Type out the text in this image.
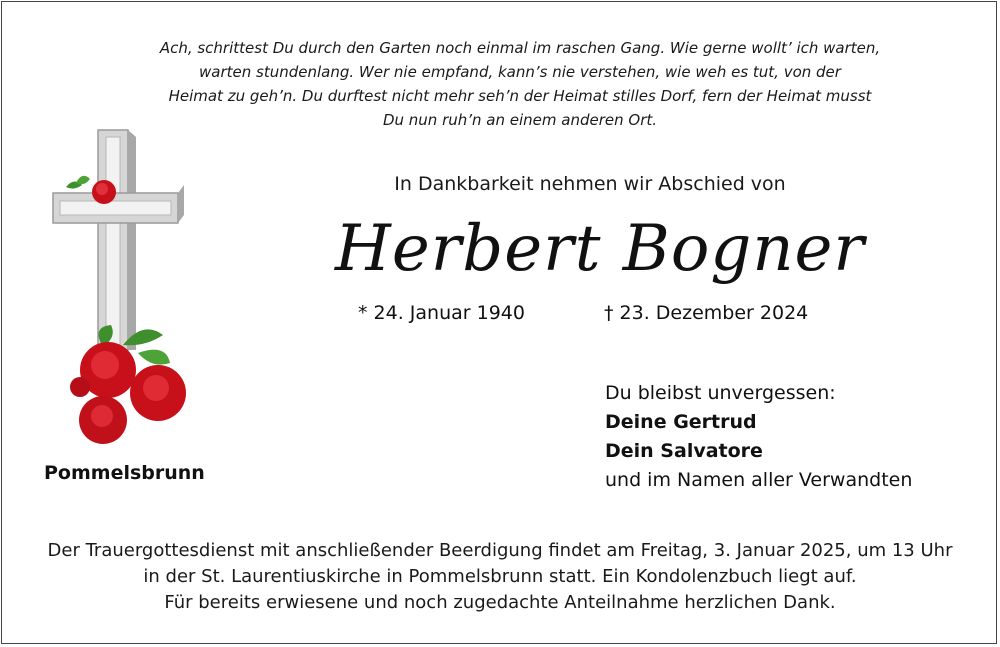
Ach, schrittest Du durch den Garten noch einmal im raschen Gang. Wie gerne wollt’ ich warten,
warten stundenlang. Wer nie empfand, kann’s nie verstehen, wie weh es tut, von der
Heimat zu geh’n. Du durftest nicht mehr seh’n der Heimat stilles Dorf, fern der Heimat musst
Du nun ruh’n an einem anderen Ort.
In Dankbarkeit nehmen wir Abschied von
Herbert Bogner
* 24. Januar 1940	† 23. Dezember 2024
Du bleibst unvergessen:
Deine Gertrud
Dein Salvatore
und im Namen aller Verwandten
Pommelsbrunn
Der Trauergottesdienst mit anschließender Beerdigung findet am Freitag, 3. Januar 2025, um 13 Uhr
in der St. Laurentiuskirche in Pommelsbrunn statt. Ein Kondolenzbuch liegt auf.
Für bereits erwiesene und noch zugedachte Anteilnahme herzlichen Dank.
